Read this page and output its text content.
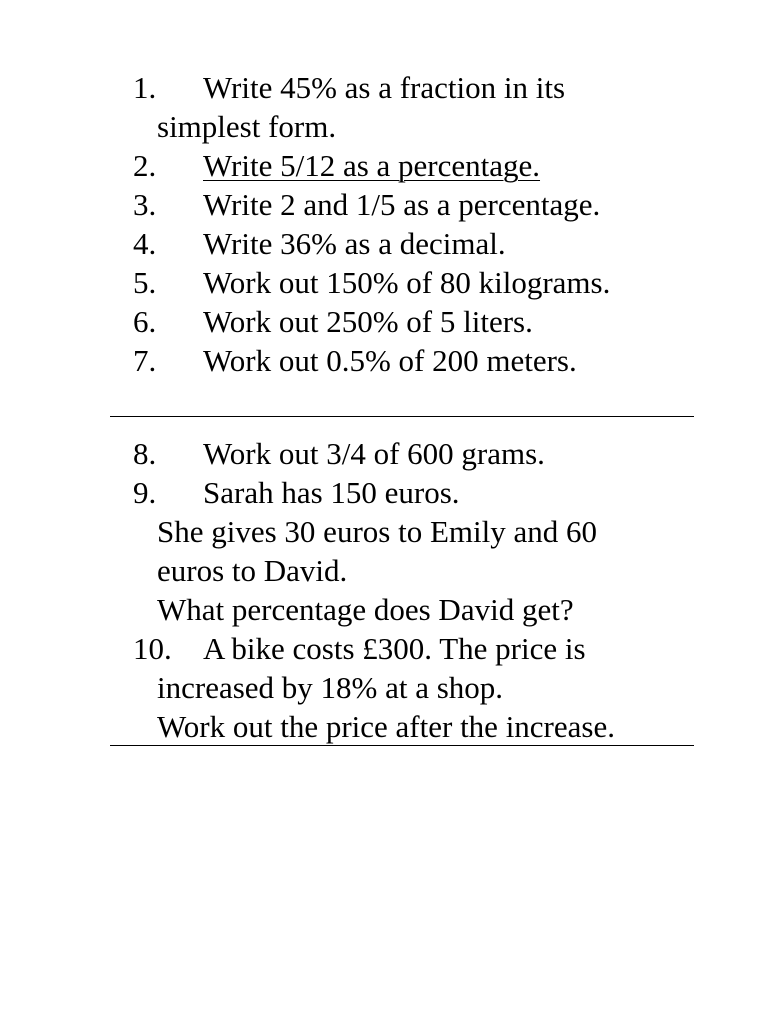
1.	Write 45% as a fraction in its
simplest form.
2.	Write 5/12 as a percentage.
3.	Write 2 and 1/5 as a percentage.
4.	Write 36% as a decimal.
5.	Work out 150% of 80 kilograms.
6.	Work out 250% of 5 liters.
7.	Work out 0.5% of 200 meters.
8.	Work out 3/4 of 600 grams.
9.	Sarah has 150 euros.
She gives 30 euros to Emily and 60
euros to David.
What percentage does David get?
10.	A bike costs £300. The price is
increased by 18% at a shop.
Work out the price after the increase.
